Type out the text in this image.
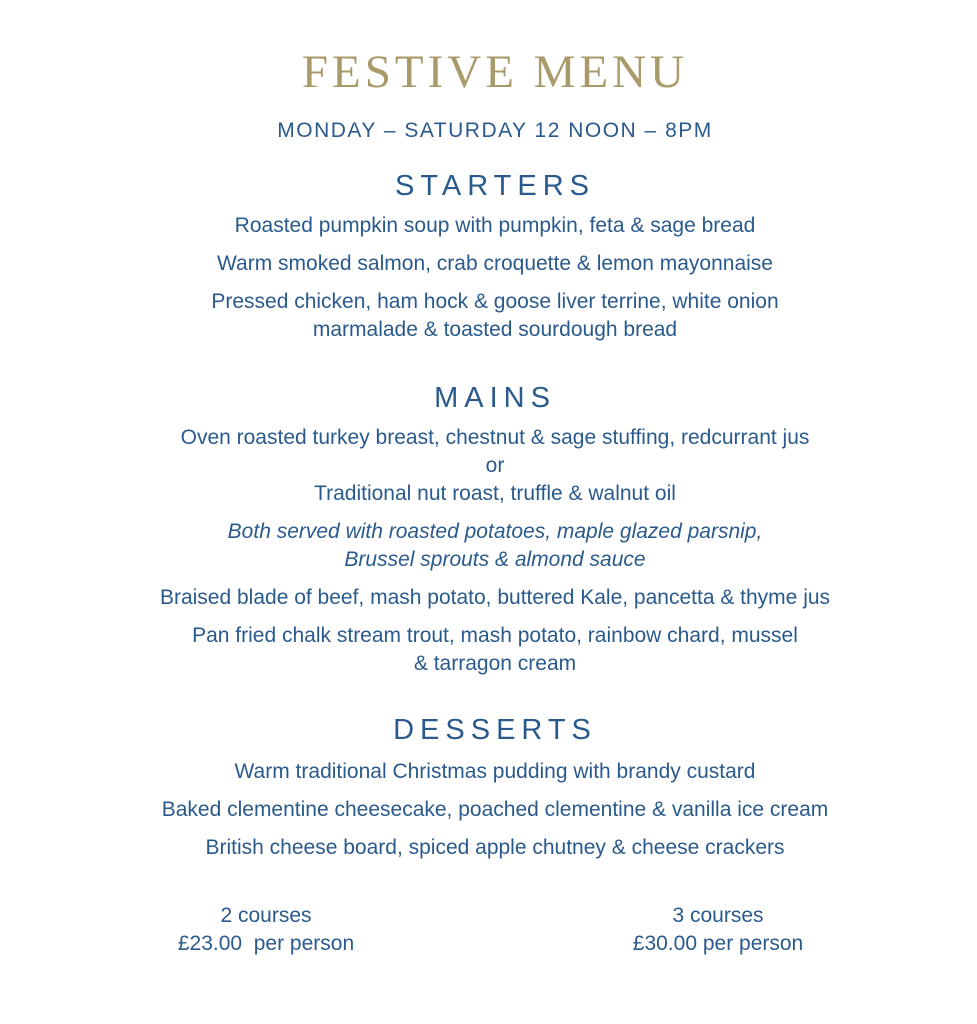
FESTIVE MENU
MONDAY – SATURDAY 12 NOON – 8PM
STARTERS
Roasted pumpkin soup with pumpkin, feta & sage bread
Warm smoked salmon, crab croquette & lemon mayonnaise
Pressed chicken, ham hock & goose liver terrine, white onion
marmalade & toasted sourdough bread
MAINS
Oven roasted turkey breast, chestnut & sage stuffing, redcurrant jus
or
Traditional nut roast, truffle & walnut oil
Both served with roasted potatoes, maple glazed parsnip,
Brussel sprouts & almond sauce
Braised blade of beef, mash potato, buttered Kale, pancetta & thyme jus
Pan fried chalk stream trout, mash potato, rainbow chard, mussel
& tarragon cream
DESSERTS
Warm traditional Christmas pudding with brandy custard
Baked clementine cheesecake, poached clementine & vanilla ice cream
British cheese board, spiced apple chutney & cheese crackers
2 courses
£23.00  per person
3 courses
£30.00 per person
